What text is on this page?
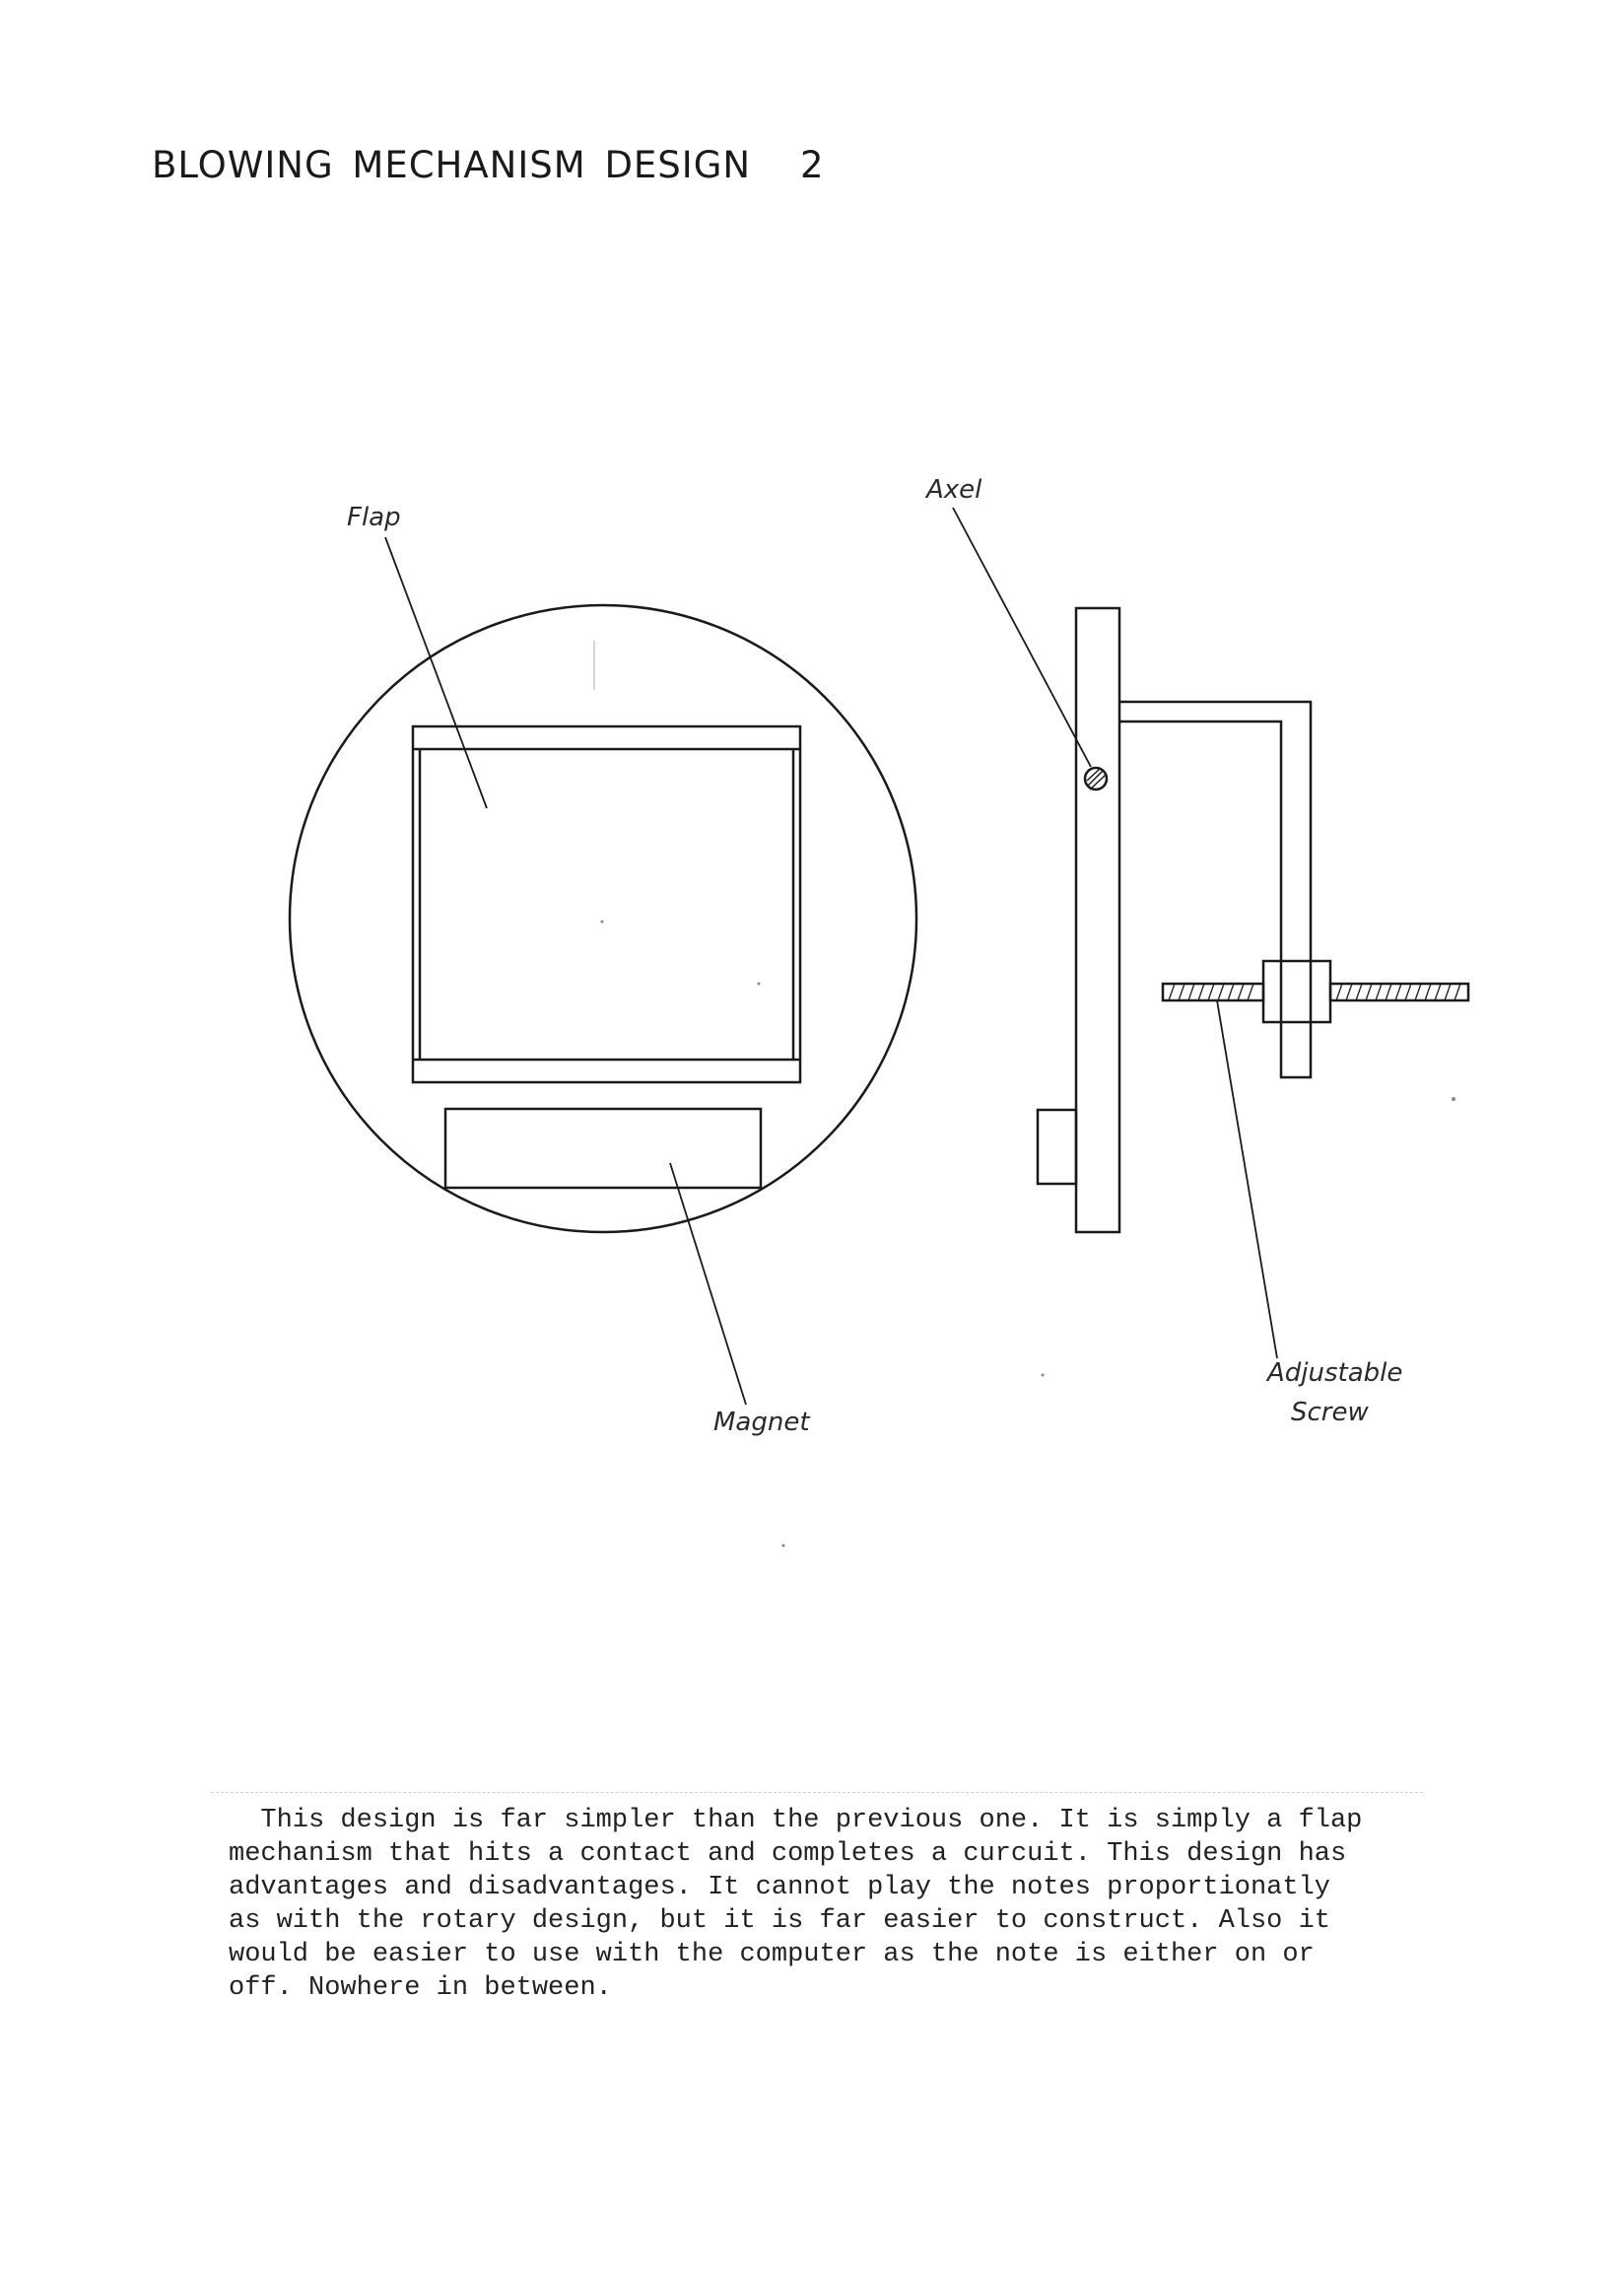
BLOWING MECHANISM DESIGN 2
Flap
Axel
Magnet
Adjustable
Screw
This design is far simpler than the previous one. It is simply a flap
mechanism that hits a contact and completes a curcuit. This design has
advantages and disadvantages. It cannot play the notes proportionatly
as with the rotary design, but it is far easier to construct. Also it
would be easier to use with the computer as the note is either on or
off. Nowhere in between.
